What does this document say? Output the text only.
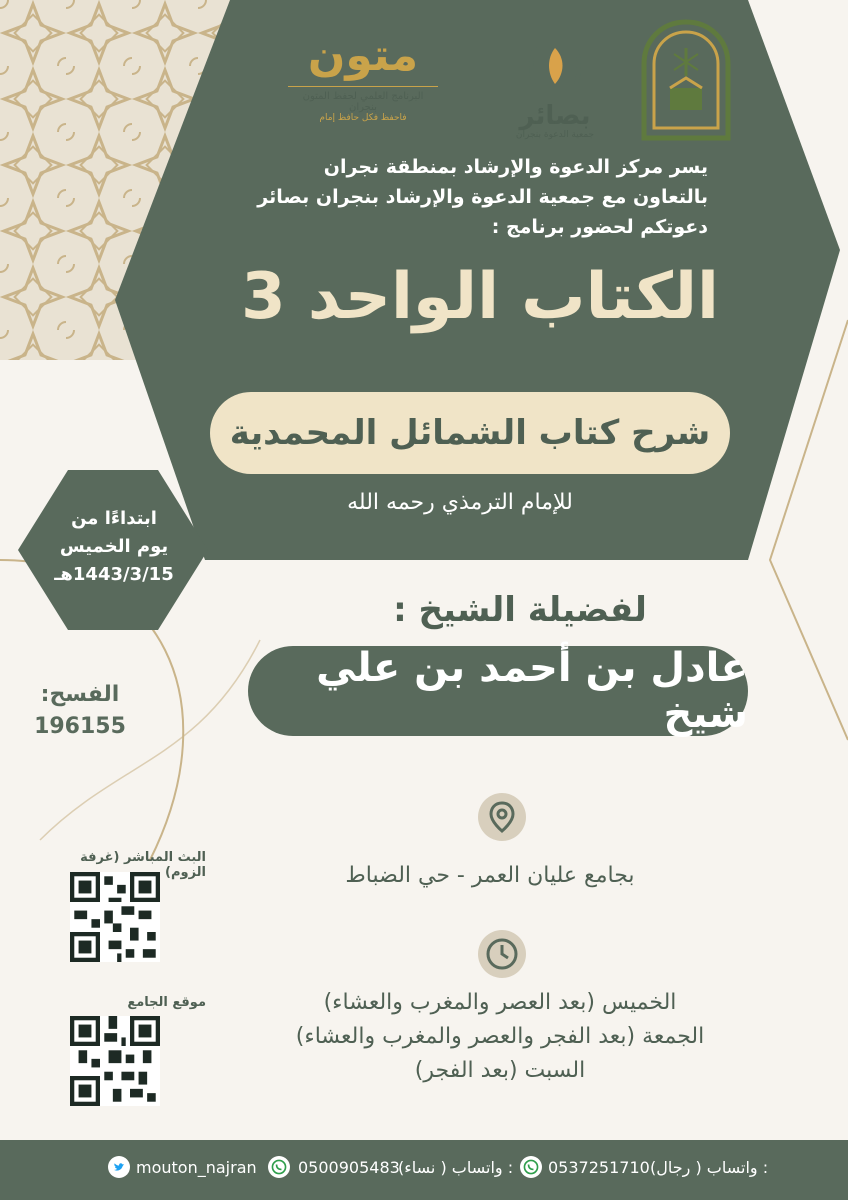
بصائر
جمعية الدعوة بنجران
متون
البرنامج العلمي لحفظ المتون بنجران
فاحفظ فكل حافظ إمام
يسر مركز الدعوة والإرشاد بمنطقة نجران
بالتعاون مع جمعية الدعوة والإرشاد بنجران بصائر
دعوتكم لحضور برنامج :
الكتاب الواحد 3
شرح كتاب الشمائل المحمدية
للإمام الترمذي رحمه الله
ابتداءًا من
يوم الخميس
1443/3/15هـ
لفضيلة الشيخ :
عادل بن أحمد بن علي شيخ
الفسح:
196155
بجامع عليان العمر - حي الضباط
الخميس (بعد العصر والمغرب والعشاء)
الجمعة (بعد الفجر والعصر والمغرب والعشاء)
السبت (بعد الفجر)
البث المباشر (غرفة الزوم)
موقع الجامع
واتساب ( رجال) :
0537251710
واتساب ( نساء) :
0500905483
mouton_najran
